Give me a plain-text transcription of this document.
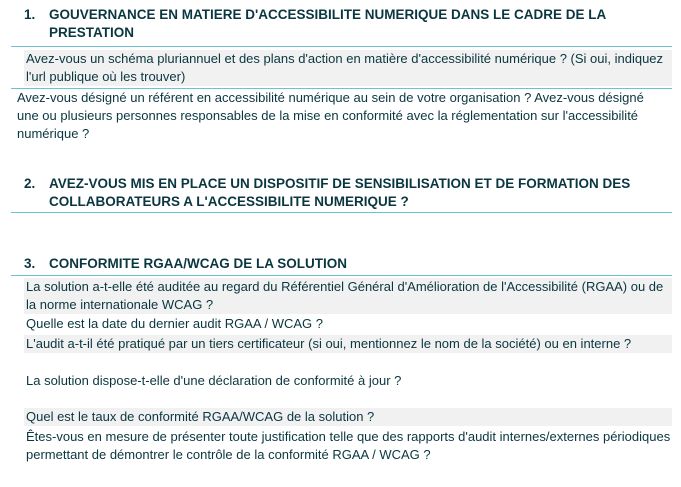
1.	GOUVERNANCE EN MATIERE D'ACCESSIBILITE NUMERIQUE DANS LE CADRE DE LA PRESTATION
Avez-vous un schéma pluriannuel et des plans d'action en matière d'accessibilité numérique ? (Si oui, indiquez l'url publique où les trouver)
Avez-vous désigné un référent en accessibilité numérique au sein de votre organisation ? Avez-vous désigné une ou plusieurs personnes responsables de la mise en conformité avec la réglementation sur l'accessibilité numérique ?
2.	AVEZ-VOUS MIS EN PLACE UN DISPOSITIF DE SENSIBILISATION ET DE FORMATION DES COLLABORATEURS A L'ACCESSIBILITE NUMERIQUE ?
3.	CONFORMITE RGAA/WCAG DE LA SOLUTION
La solution a-t-elle été auditée au regard du Référentiel Général d'Amélioration de l'Accessibilité (RGAA) ou de la norme internationale WCAG ?
Quelle est la date du dernier audit RGAA / WCAG ?
L'audit a-t-il été pratiqué par un tiers certificateur (si oui, mentionnez le nom de la société) ou en interne ?
La solution dispose-t-elle d'une déclaration de conformité à jour ?
Quel est le taux de conformité RGAA/WCAG de la solution ?
Êtes-vous en mesure de présenter toute justification telle que des rapports d'audit internes/externes périodiques permettant de démontrer le contrôle de la conformité RGAA / WCAG ?
